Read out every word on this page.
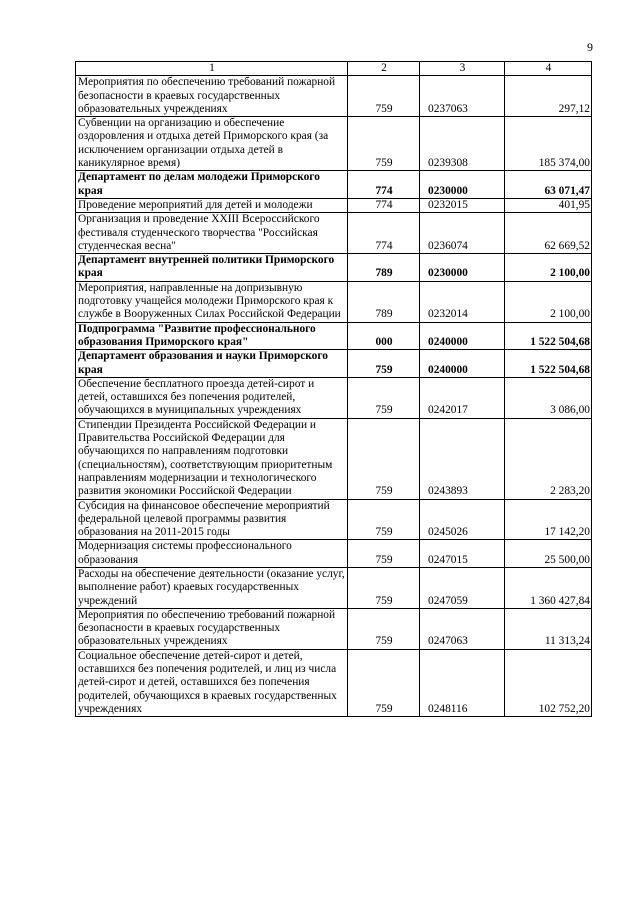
9
1	2	3	4
Мероприятия по обеспечению требований пожарной безопасности в краевых государственных образовательных учреждениях	759	0237063	297,12
Субвенции на организацию и обеспечение оздоровления и отдыха детей Приморского края (за исключением организации отдыха детей в каникулярное время)	759	0239308	185 374,00
Департамент по делам молодежи Приморского края	774	0230000	63 071,47
Проведение мероприятий для детей и молодежи	774	0232015	401,95
Организация и проведение XXIII Всероссийского фестиваля студенческого творчества "Российская студенческая весна"	774	0236074	62 669,52
Департамент внутренней политики Приморского края	789	0230000	2 100,00
Мероприятия, направленные на допризывную подготовку учащейся молодежи Приморского края к службе в Вооруженных Силах Российской Федерации	789	0232014	2 100,00
Подпрограмма "Развитие профессионального образования Приморского края"	000	0240000	1 522 504,68
Департамент образования и науки Приморского края	759	0240000	1 522 504,68
Обеспечение бесплатного проезда детей-сирот и детей, оставшихся без попечения родителей, обучающихся в муниципальных учреждениях	759	0242017	3 086,00
Стипендии Президента Российской Федерации и Правительства Российской Федерации для обучающихся по направлениям подготовки (специальностям), соответствующим приоритетным направлениям модернизации и технологического развития экономики Российской Федерации	759	0243893	2 283,20
Субсидия на финансовое обеспечение мероприятий федеральной целевой программы развития образования на 2011-2015 годы	759	0245026	17 142,20
Модернизация системы профессионального образования	759	0247015	25 500,00
Расходы на обеспечение деятельности (оказание услуг, выполнение работ) краевых государственных учреждений	759	0247059	1 360 427,84
Мероприятия по обеспечению требований пожарной безопасности в краевых государственных образовательных учреждениях	759	0247063	11 313,24
Социальное обеспечение детей-сирот и детей, оставшихся без попечения родителей, и лиц из числа детей-сирот и детей, оставшихся без попечения родителей, обучающихся в краевых государственных учреждениях	759	0248116	102 752,20
